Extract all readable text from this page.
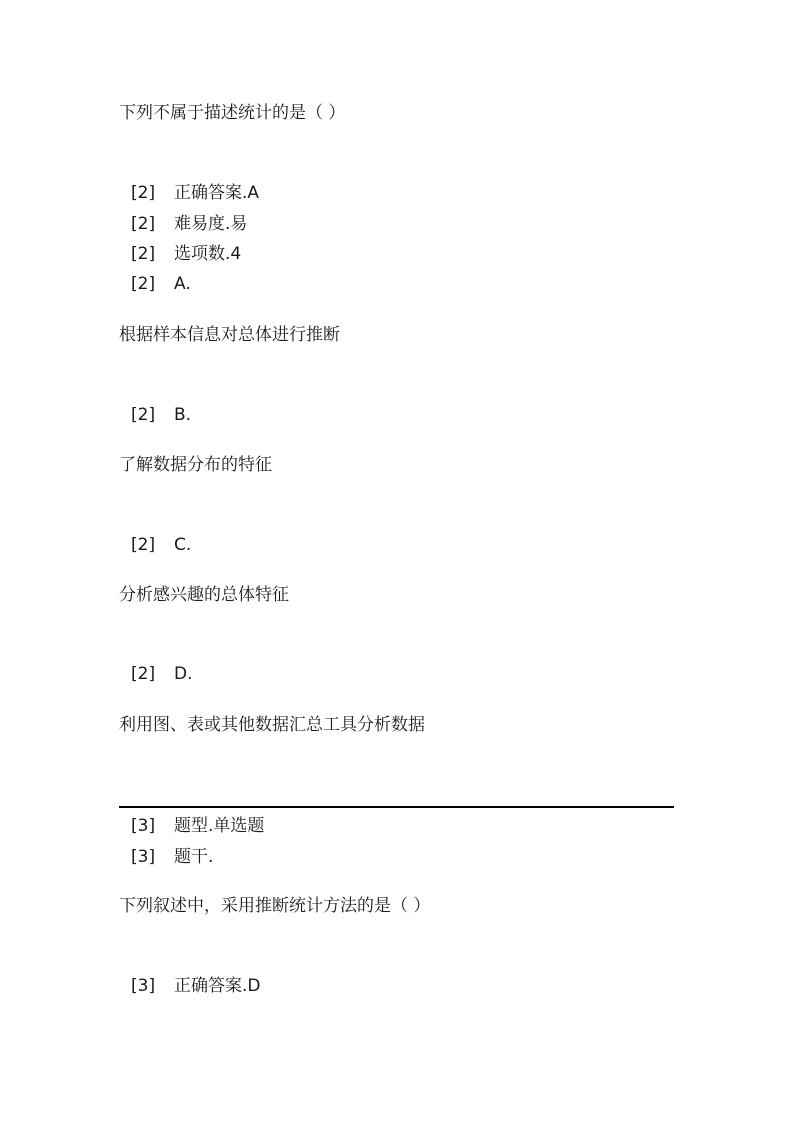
下列不属于描述统计的是（ ）
[2] 正确答案.A
[2] 难易度.易
[2] 选项数.4
[2] A.
根据样本信息对总体进行推断
[2] B.
了解数据分布的特征
[2] C.
分析感兴趣的总体特征
[2] D.
利用图、表或其他数据汇总工具分析数据
[3] 题型.单选题
[3] 题干.
下列叙述中，采用推断统计方法的是（ ）
[3] 正确答案.D
